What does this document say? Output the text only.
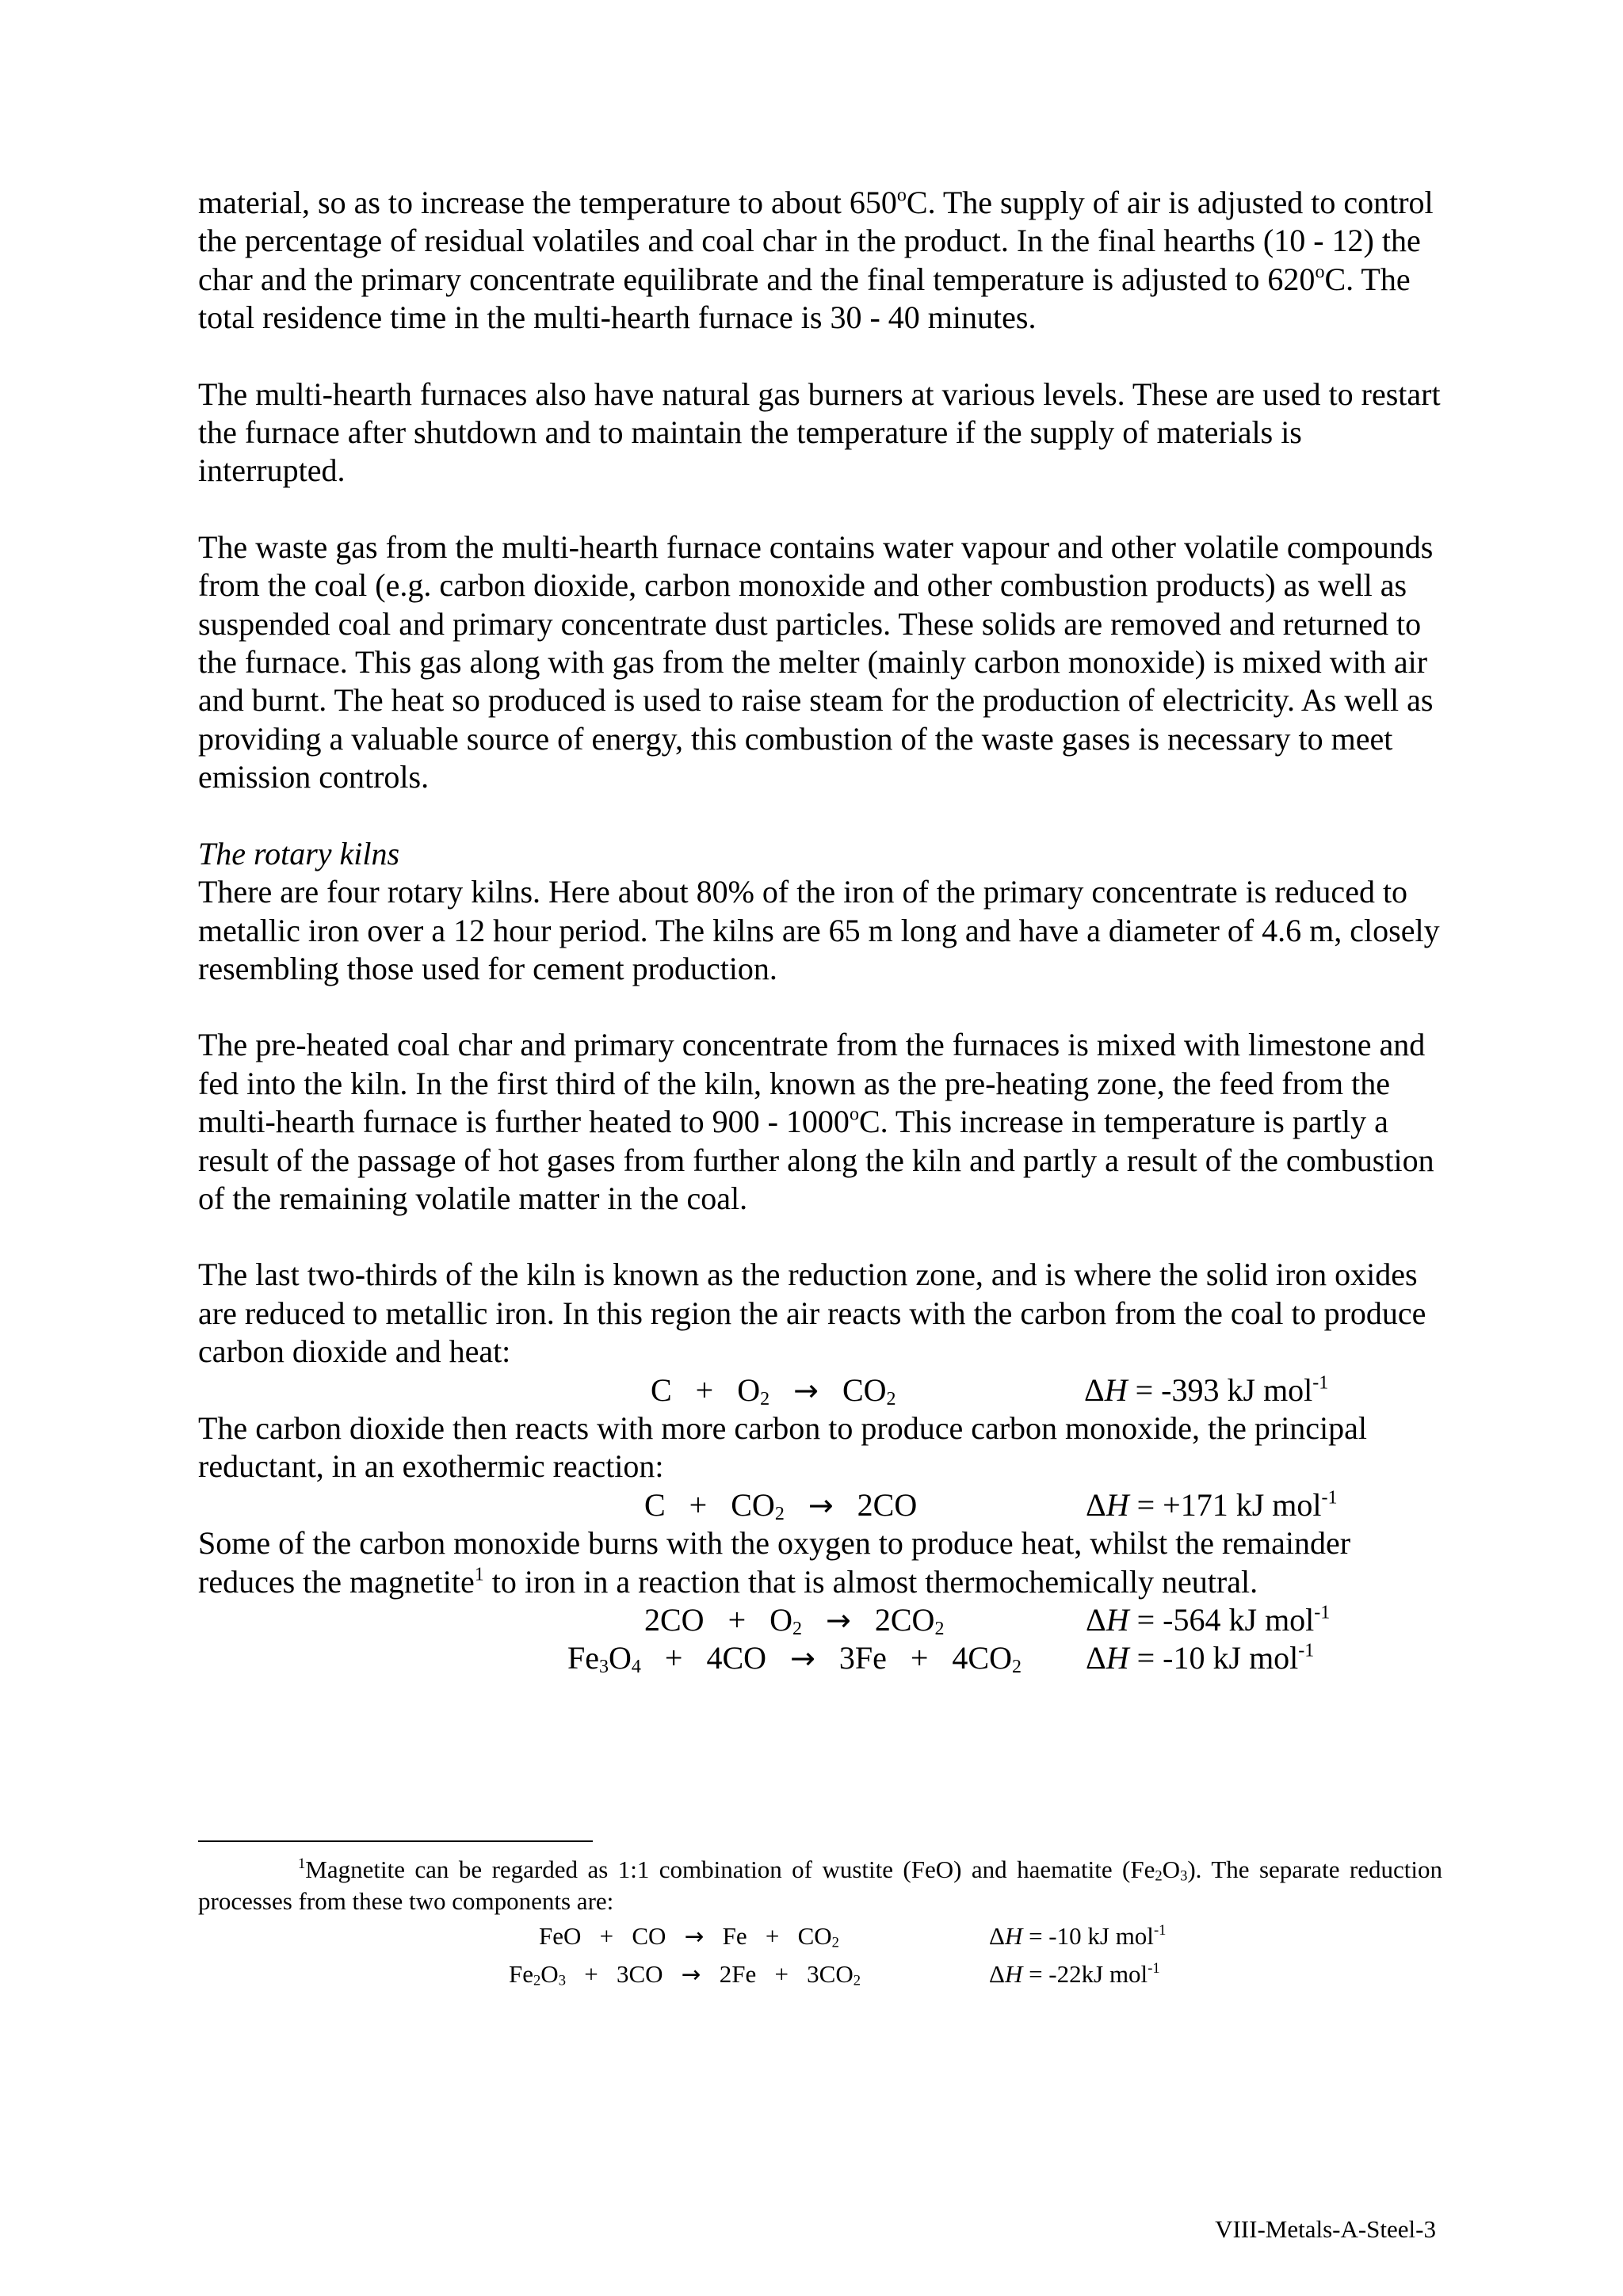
material, so as to increase the temperature to about 650$^o$C. The supply of air is adjusted to control the percentage of residual volatiles and coal char in the product. In the final hearths (10 - 12) the char and the primary concentrate equilibrate and the final temperature is adjusted to 620$^o$C. The total residence time in the multi-hearth furnace is 30 - 40 minutes.

The multi-hearth furnaces also have natural gas burners at various levels. These are used to restart the furnace after shutdown and to maintain the temperature if the supply of materials is interrupted.

The waste gas from the multi-hearth furnace contains water vapour and other volatile compounds from the coal (e.g. carbon dioxide, carbon monoxide and other combustion products) as well as suspended coal and primary concentrate dust particles. These solids are removed and returned to the furnace. This gas along with gas from the melter (mainly carbon monoxide) is mixed with air and burnt. The heat so produced is used to raise steam for the production of electricity. As well as providing a valuable source of energy, this combustion of the waste gases is necessary to meet emission controls.

The rotary kilns

There are four rotary kilns. Here about 80% of the iron of the primary concentrate is reduced to metallic iron over a 12 hour period. The kilns are 65 m long and have a diameter of 4.6 m, closely resembling those used for cement production.

The pre-heated coal char and primary concentrate from the furnaces is mixed with limestone and fed into the kiln. In the first third of the kiln, known as the pre-heating zone, the feed from the multi-hearth furnace is further heated to 900 - 1000$^o$C. This increase in temperature is partly a result of the passage of hot gases from further along the kiln and partly a result of the combustion of the remaining volatile matter in the coal.

The last two-thirds of the kiln is known as the reduction zone, and is where the solid iron oxides are reduced to metallic iron. In this region the air reacts with the carbon from the coal to produce carbon dioxide and heat:

$C + O_2 \to CO_2$	ΔH = -393 kJ mol$^{-1}$

The carbon dioxide then reacts with more carbon to produce carbon monoxide, the principal reductant, in an exothermic reaction:

$C + CO_2 \to 2CO$	ΔH = +171 kJ mol$^{-1}$

Some of the carbon monoxide burns with the oxygen to produce heat, whilst the remainder reduces the magnetite$^1$ to iron in a reaction that is almost thermochemically neutral.

$2CO + O_2 \to 2CO_2$	ΔH = -564 kJ mol$^{-1}$
$Fe_3O_4 + 4CO \to 3Fe + 4CO_2$ ΔH = -10 kJ mol$^{-1}$

$^1$Magnetite can be regarded as 1:1 combination of wustite (FeO) and haematite $(Fe_2O_3)$. The separate reduction processes from these two components are:

FeO   +   CO → $Fe + CO_2$	ΔH = -10 kJ mol$^{-1}$
$Fe_2O_3 + 3CO \to 2Fe + 3CO_2$	ΔH = -22kJ mol$^{-1}$
VIII-Metals-A-Steel-3
